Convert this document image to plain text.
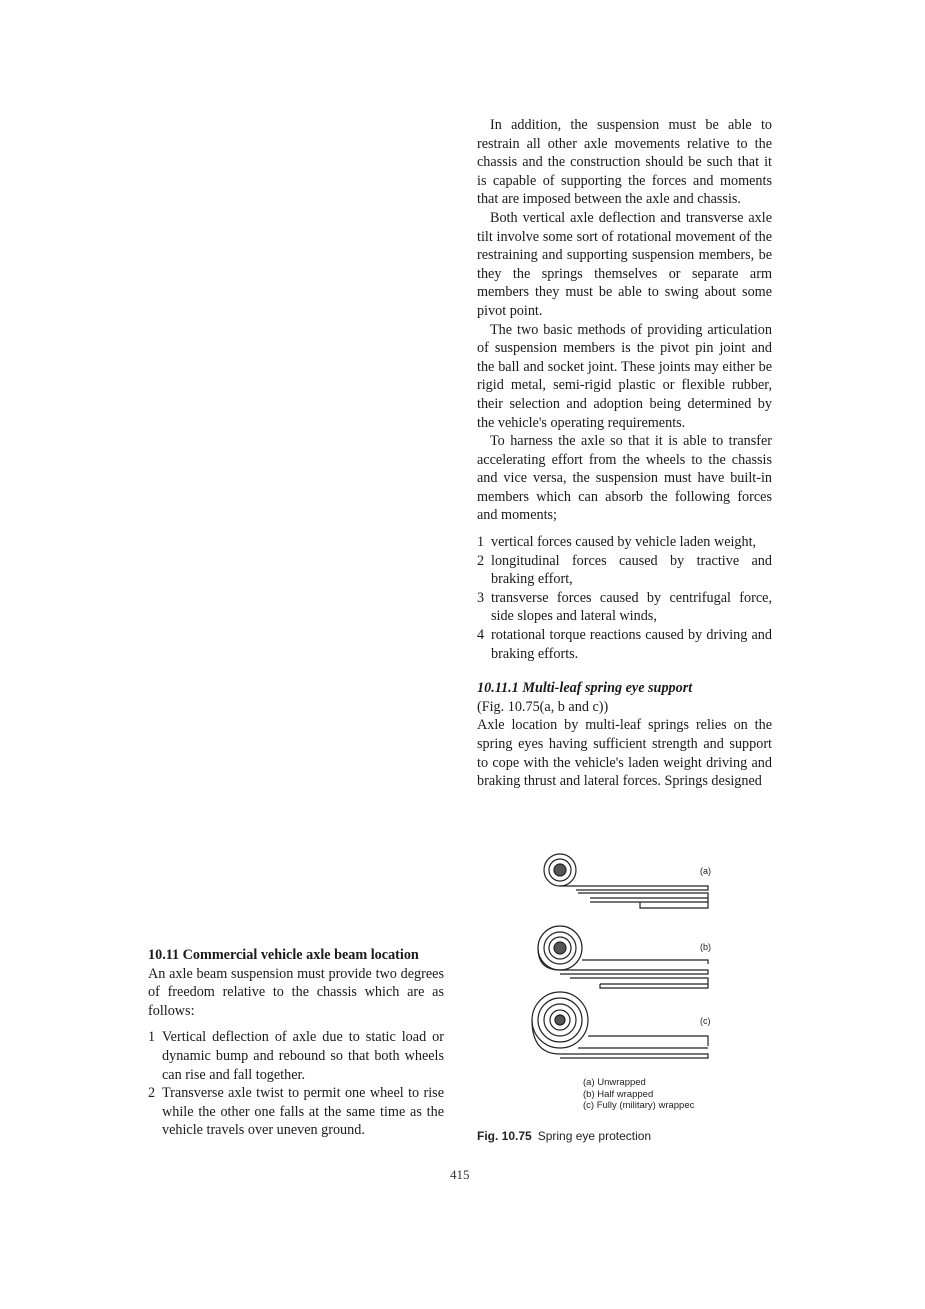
In addition, the suspension must be able to restrain all other axle movements relative to the chassis and the construction should be such that it is capable of supporting the forces and moments that are imposed between the axle and chassis.

Both vertical axle deflection and transverse axle tilt involve some sort of rotational movement of the restraining and supporting suspension members, be they the springs themselves or separate arm members they must be able to swing about some pivot point.

The two basic methods of providing articulation of suspension members is the pivot pin joint and the ball and socket joint. These joints may either be rigid metal, semi-rigid plastic or flexible rubber, their selection and adoption being determined by the vehicle's operating requirements.

To harness the axle so that it is able to transfer accelerating effort from the wheels to the chassis and vice versa, the suspension must have built-in members which can absorb the following forces and moments;

1 vertical forces caused by vehicle laden weight,
2 longitudinal forces caused by tractive and braking effort,
3 transverse forces caused by centrifugal force, side slopes and lateral winds,
4 rotational torque reactions caused by driving and braking efforts.

10.11.1 Multi-leaf spring eye support

(Fig. 10.75(a, b and c))

Axle location by multi-leaf springs relies on the spring eyes having sufficient strength and support to cope with the vehicle's laden weight driving and braking thrust and lateral forces. Springs designed

(a)
(b)
(c)
(a) Unwrapped
(b) Half wrapped
(c) Fully (military) wrappec
Fig. 10.75 Spring eye protection

10.11 Commercial vehicle axle beam location

An axle beam suspension must provide two degrees of freedom relative to the chassis which are as follows:

1 Vertical deflection of axle due to static load or dynamic bump and rebound so that both wheels can rise and fall together.
2 Transverse axle twist to permit one wheel to rise while the other one falls at the same time as the vehicle travels over uneven ground.
415
